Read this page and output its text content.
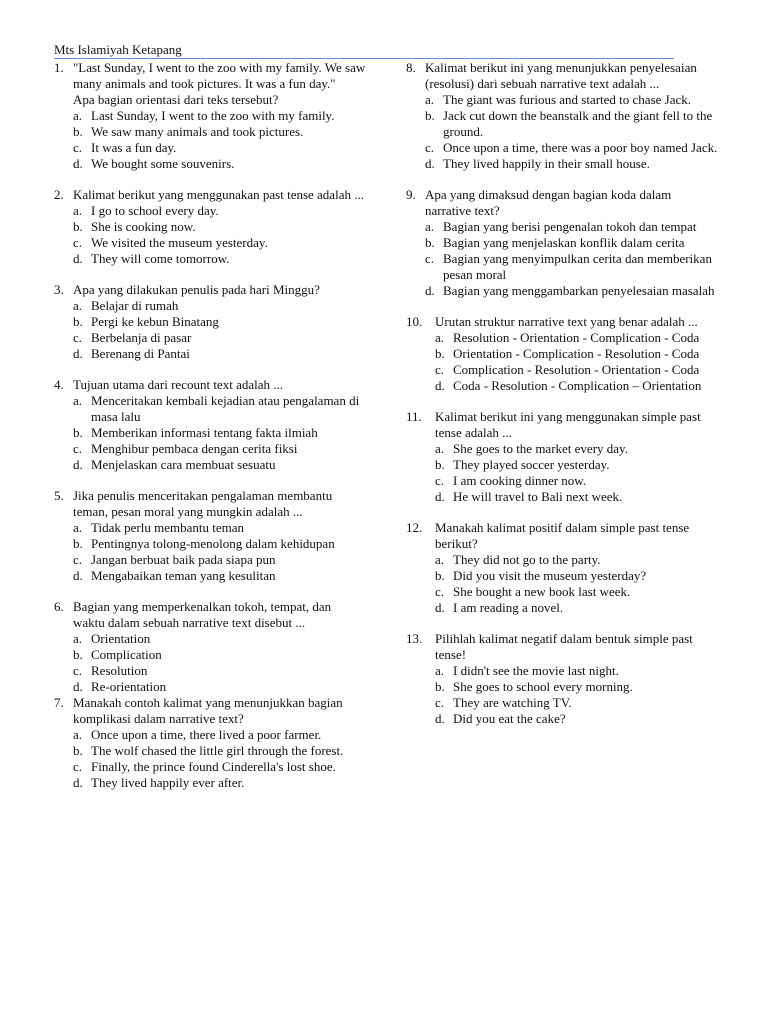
Mts Islamiyah Ketapang
1. "Last Sunday, I went to the zoo with my family. We saw many animals and took pictures. It was a fun day."
Apa bagian orientasi dari teks tersebut?
a. Last Sunday, I went to the zoo with my family.
b. We saw many animals and took pictures.
c. It was a fun day.
d. We bought some souvenirs.
2. Kalimat berikut yang menggunakan past tense adalah ...
a. I go to school every day.
b. She is cooking now.
c. We visited the museum yesterday.
d. They will come tomorrow.
3. Apa yang dilakukan penulis pada hari Minggu?
a. Belajar di rumah
b. Pergi ke kebun Binatang
c. Berbelanja di pasar
d. Berenang di Pantai
4. Tujuan utama dari recount text adalah ...
a. Menceritakan kembali kejadian atau pengalaman di masa lalu
b. Memberikan informasi tentang fakta ilmiah
c. Menghibur pembaca dengan cerita fiksi
d. Menjelaskan cara membuat sesuatu
5. Jika penulis menceritakan pengalaman membantu teman, pesan moral yang mungkin adalah ...
a. Tidak perlu membantu teman
b. Pentingnya tolong-menolong dalam kehidupan
c. Jangan berbuat baik pada siapa pun
d. Mengabaikan teman yang kesulitan
6. Bagian yang memperkenalkan tokoh, tempat, dan waktu dalam sebuah narrative text disebut ...
a. Orientation
b. Complication
c. Resolution
d. Re-orientation
7. Manakah contoh kalimat yang menunjukkan bagian komplikasi dalam narrative text?
a. Once upon a time, there lived a poor farmer.
b. The wolf chased the little girl through the forest.
c. Finally, the prince found Cinderella's lost shoe.
d. They lived happily ever after.
8. Kalimat berikut ini yang menunjukkan penyelesaian (resolusi) dari sebuah narrative text adalah ...
a. The giant was furious and started to chase Jack.
b. Jack cut down the beanstalk and the giant fell to the ground.
c. Once upon a time, there was a poor boy named Jack.
d. They lived happily in their small house.
9. Apa yang dimaksud dengan bagian koda dalam narrative text?
a. Bagian yang berisi pengenalan tokoh dan tempat
b. Bagian yang menjelaskan konflik dalam cerita
c. Bagian yang menyimpulkan cerita dan memberikan pesan moral
d. Bagian yang menggambarkan penyelesaian masalah
10. Urutan struktur narrative text yang benar adalah ...
a. Resolution - Orientation - Complication - Coda
b. Orientation - Complication - Resolution - Coda
c. Complication - Resolution - Orientation - Coda
d. Coda - Resolution - Complication – Orientation
11.	Kalimat berikut ini yang menggunakan simple past tense adalah ...
a. She goes to the market every day.
b. They played soccer yesterday.
c. I am cooking dinner now.
d. He will travel to Bali next week.
12. Manakah kalimat positif dalam simple past tense berikut?
a. They did not go to the party.
b. Did you visit the museum yesterday?
c. She bought a new book last week.
d. I am reading a novel.
13. Pilihlah kalimat negatif dalam bentuk simple past tense!
a. I didn't see the movie last night.
b. She goes to school every morning.
c. They are watching TV.
d. Did you eat the cake?
